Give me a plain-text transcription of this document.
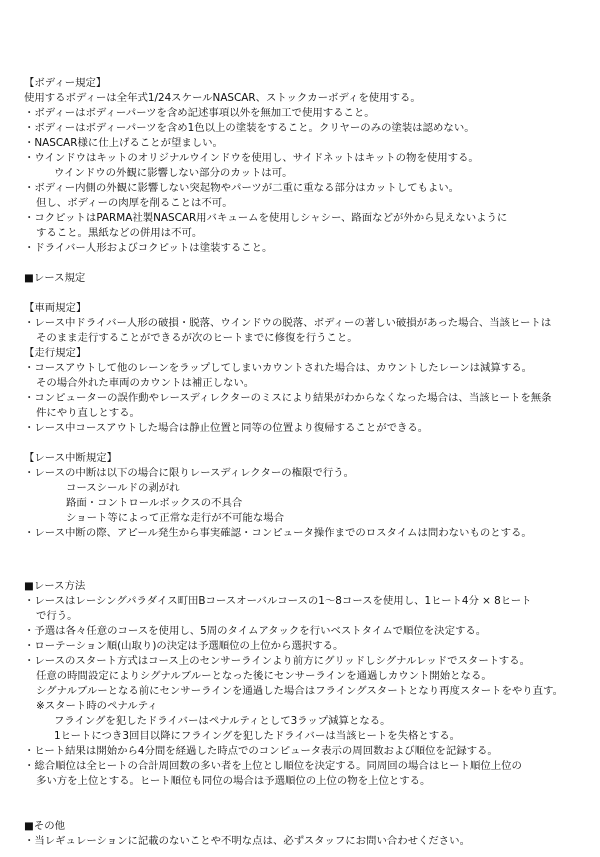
【ボディー規定】
使用するボディーは全年式1/24スケールNASCAR、ストックカーボディを使用する。
・ボディーはボディーパーツを含め記述事項以外を無加工で使用すること。
・ボディーはボディーパーツを含め1色以上の塗装をすること。クリヤーのみの塗装は認めない。
・NASCAR様に仕上げることが望ましい。
・ウインドウはキットのオリジナルウインドウを使用し、サイドネットはキットの物を使用する。
ウインドウの外観に影響しない部分のカットは可。
・ボディー内側の外観に影響しない突起物やパーツが二重に重なる部分はカットしてもよい。
但し、ボディーの肉厚を削ることは不可。
・コクピットはPARMA社製NASCAR用バキュームを使用しシャシー、路面などが外から見えないように
すること。黒紙などの併用は不可。
・ドライバー人形およびコクピットは塗装すること。
■レース規定
【車両規定】
・レース中ドライバー人形の破損・脱落、ウインドウの脱落、ボディーの著しい破損があった場合、当該ヒートは
そのまま走行することができるが次のヒートまでに修復を行うこと。
【走行規定】
・コースアウトして他のレーンをラップしてしまいカウントされた場合は、カウントしたレーンは減算する。
その場合外れた車両のカウントは補正しない。
・コンピューターの誤作動やレースディレクターのミスにより結果がわからなくなった場合は、当該ヒートを無条
件にやり直しとする。
・レース中コースアウトした場合は静止位置と同等の位置より復帰することができる。
【レース中断規定】
・レースの中断は以下の場合に限りレースディレクターの権限で行う。
コースシールドの剥がれ
路面・コントロールボックスの不具合
ショート等によって正常な走行が不可能な場合
・レース中断の際、アピール発生から事実確認・コンピュータ操作までのロスタイムは問わないものとする。
■レース方法
・レースはレーシングパラダイス町田Bコースオーバルコースの1～8コースを使用し、1ヒート4分 × 8ヒート
で行う。
・予選は各々任意のコースを使用し、5周のタイムアタックを行いベストタイムで順位を決定する。
・ローテーション順(山取り)の決定は予選順位の上位から選択する。
・レースのスタート方式はコース上のセンサーラインより前方にグリッドしシグナルレッドでスタートする。
任意の時間設定によりシグナルブルーとなった後にセンサーラインを通過しカウント開始となる。
シグナルブルーとなる前にセンサーラインを通過した場合はフライングスタートとなり再度スタートをやり直す。
※スタート時のペナルティ
フライングを犯したドライバーはペナルティとして3ラップ減算となる。
1ヒートにつき3回目以降にフライングを犯したドライバーは当該ヒートを失格とする。
・ヒート結果は開始から4分間を経過した時点でのコンピュータ表示の周回数および順位を記録する。
・総合順位は全ヒートの合計周回数の多い者を上位とし順位を決定する。同周回の場合はヒート順位上位の
多い方を上位とする。ヒート順位も同位の場合は予選順位の上位の物を上位とする。
■その他
・当レギュレーションに記載のないことや不明な点は、必ずスタッフにお問い合わせください。
